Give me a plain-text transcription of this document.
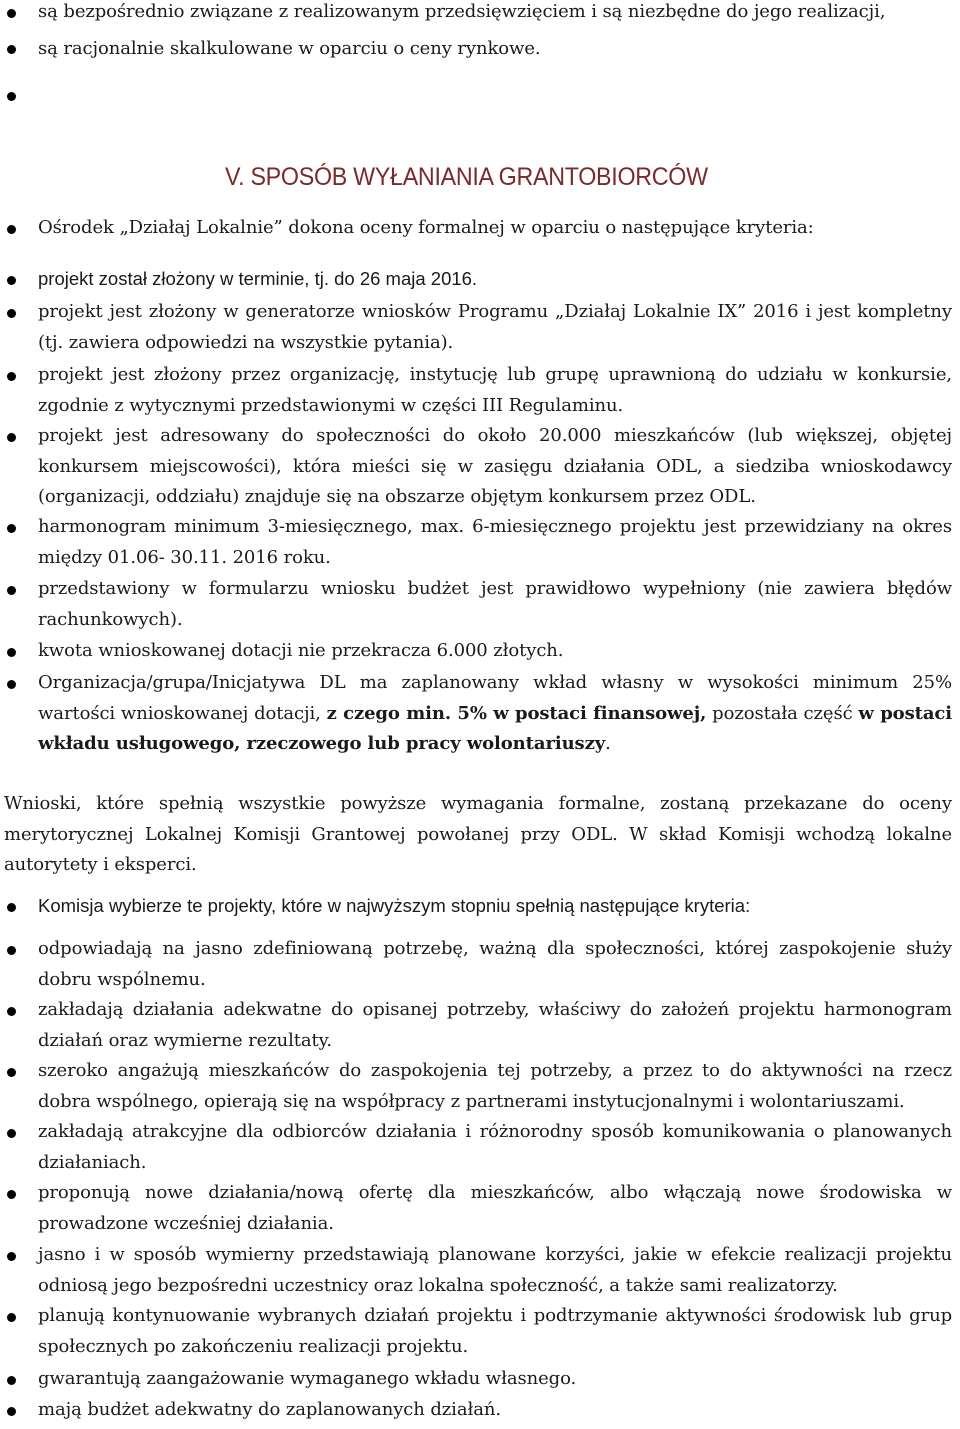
są bezpośrednio związane z realizowanym przedsięwzięciem i są niezbędne do jego realizacji,
są racjonalnie skalkulowane w oparciu o ceny rynkowe.
V. SPOSÓB WYŁANIANIA GRANTOBIORCÓW
Ośrodek „Działaj Lokalnie” dokona oceny formalnej w oparciu o następujące kryteria:
projekt został złożony w terminie, tj. do 26 maja 2016.
projekt jest złożony w generatorze wniosków Programu „Działaj Lokalnie IX” 2016 i jest kompletny (tj. zawiera odpowiedzi na wszystkie pytania).
projekt jest złożony przez organizację, instytucję lub grupę uprawnioną do udziału w konkursie, zgodnie z wytycznymi przedstawionymi w części III Regulaminu.
projekt jest adresowany do społeczności do około 20.000 mieszkańców (lub większej, objętej konkursem miejscowości), która mieści się w zasięgu działania ODL, a siedziba wnioskodawcy (organizacji, oddziału) znajduje się na obszarze objętym konkursem przez ODL.
harmonogram minimum 3-miesięcznego, max. 6-miesięcznego projektu jest przewidziany na okres między 01.06- 30.11. 2016 roku.
przedstawiony w formularzu wniosku budżet jest prawidłowo wypełniony (nie zawiera błędów rachunkowych).
kwota wnioskowanej dotacji nie przekracza 6.000 złotych.
Organizacja/grupa/Inicjatywa DL ma zaplanowany wkład własny w wysokości minimum 25% wartości wnioskowanej dotacji, z czego min. 5% w postaci finansowej, pozostała część w postaci wkładu usługowego, rzeczowego lub pracy wolontariuszy.
Wnioski, które spełnią wszystkie powyższe wymagania formalne, zostaną przekazane do oceny merytorycznej Lokalnej Komisji Grantowej powołanej przy ODL. W skład Komisji wchodzą lokalne autorytety i eksperci.
Komisja wybierze te projekty, które w najwyższym stopniu spełnią następujące kryteria:
odpowiadają na jasno zdefiniowaną potrzebę, ważną dla społeczności, której zaspokojenie służy dobru wspólnemu.
zakładają działania adekwatne do opisanej potrzeby, właściwy do założeń projektu harmonogram działań oraz wymierne rezultaty.
szeroko angażują mieszkańców do zaspokojenia tej potrzeby, a przez to do aktywności na rzecz dobra wspólnego, opierają się na współpracy z partnerami instytucjonalnymi i wolontariuszami.
zakładają atrakcyjne dla odbiorców działania i różnorodny sposób komunikowania o planowanych działaniach.
proponują nowe działania/nową ofertę dla mieszkańców, albo włączają nowe środowiska w prowadzone wcześniej działania.
jasno i w sposób wymierny przedstawiają planowane korzyści, jakie w efekcie realizacji projektu odniosą jego bezpośredni uczestnicy oraz lokalna społeczność, a także sami realizatorzy.
planują kontynuowanie wybranych działań projektu i podtrzymanie aktywności środowisk lub grup społecznych po zakończeniu realizacji projektu.
gwarantują zaangażowanie wymaganego wkładu własnego.
mają budżet adekwatny do zaplanowanych działań.
